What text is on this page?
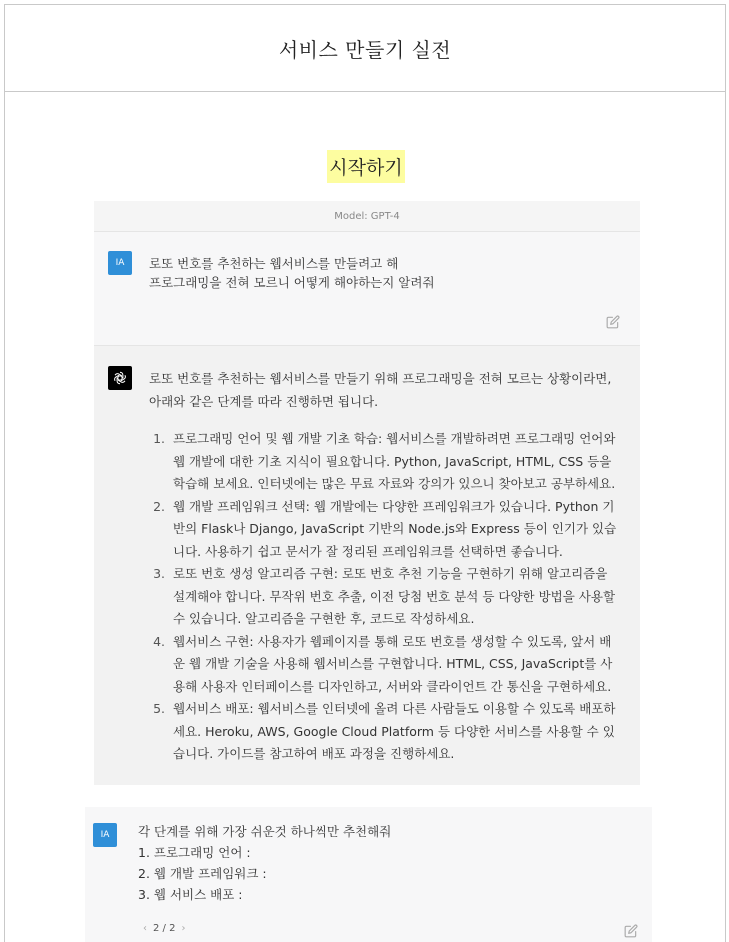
서비스 만들기 실전
시작하기
Model: GPT-4
IA	로또 번호를 추천하는 웹서비스를 만들려고 해
프로그래밍을 전혀 모르니 어떻게 해야하는지 알려줘

로또 번호를 추천하는 웹서비스를 만들기 위해 프로그래밍을 전혀 모르는 상황이라면, 아래와 같은 단계를 따라 진행하면 됩니다.

1. 프로그래밍 언어 및 웹 개발 기초 학습: 웹서비스를 개발하려면 프로그래밍 언어와 웹 개발에 대한 기초 지식이 필요합니다. Python, JavaScript, HTML, CSS 등을 학습해 보세요. 인터넷에는 많은 무료 자료와 강의가 있으니 찾아보고 공부하세요.
2. 웹 개발 프레임워크 선택: 웹 개발에는 다양한 프레임워크가 있습니다. Python 기반의 Flask나 Django, JavaScript 기반의 Node.js와 Express 등이 인기가 있습니다. 사용하기 쉽고 문서가 잘 정리된 프레임워크를 선택하면 좋습니다.
3. 로또 번호 생성 알고리즘 구현: 로또 번호 추천 기능을 구현하기 위해 알고리즘을 설계해야 합니다. 무작위 번호 추출, 이전 당첨 번호 분석 등 다양한 방법을 사용할 수 있습니다. 알고리즘을 구현한 후, 코드로 작성하세요.
4. 웹서비스 구현: 사용자가 웹페이지를 통해 로또 번호를 생성할 수 있도록, 앞서 배운 웹 개발 기술을 사용해 웹서비스를 구현합니다. HTML, CSS, JavaScript를 사용해 사용자 인터페이스를 디자인하고, 서버와 클라이언트 간 통신을 구현하세요.
5. 웹서비스 배포: 웹서비스를 인터넷에 올려 다른 사람들도 이용할 수 있도록 배포하세요. Heroku, AWS, Google Cloud Platform 등 다양한 서비스를 사용할 수 있습니다. 가이드를 참고하여 배포 과정을 진행하세요.
IA	각 단계를 위해 가장 쉬운것 하나씩만 추천해줘
1. 프로그래밍 언어 :
2. 웹 개발 프레임워크 :
3. 웹 서비스 배포 :
‹ 2 / 2 ›
